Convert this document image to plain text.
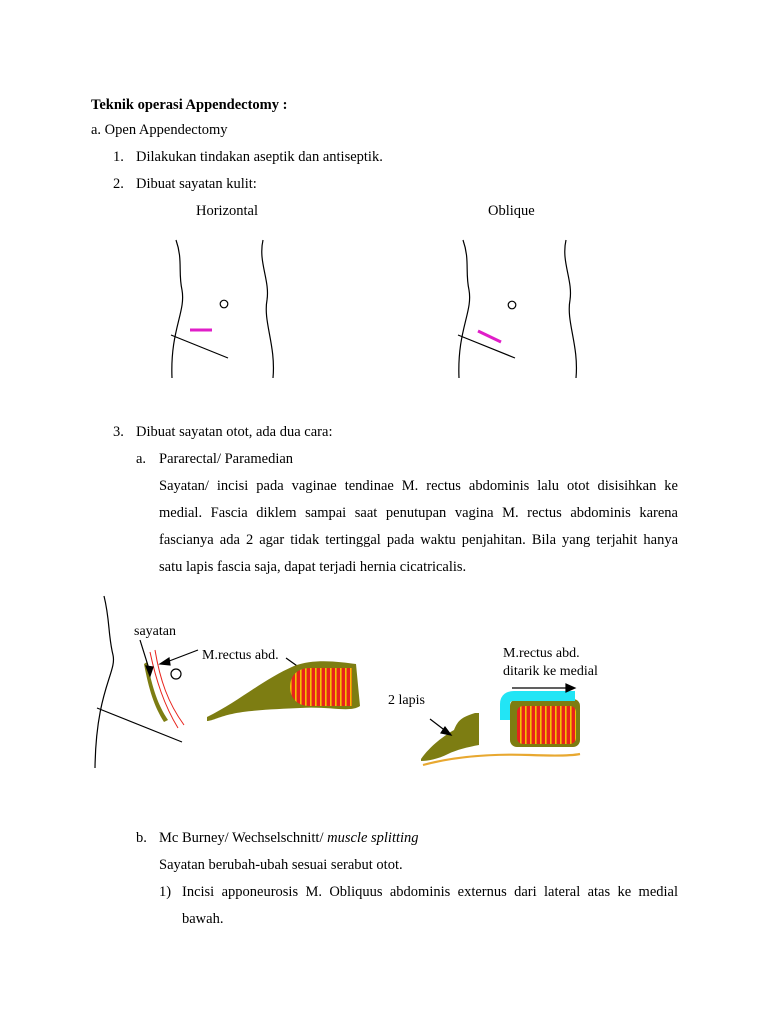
Teknik operasi Appendectomy :
a. Open Appendectomy
1. Dilakukan tindakan aseptik dan antiseptik.
2. Dibuat sayatan kulit:
Horizontal	Oblique
3. Dibuat sayatan otot, ada dua cara:
a. Pararectal/ Paramedian

Sayatan/ incisi pada vaginae tendinae M. rectus abdominis lalu otot disisihkan ke

medial. Fascia diklem sampai saat penutupan vagina M. rectus abdominis karena

fascianya ada 2 agar tidak tertinggal pada waktu penjahitan. Bila yang terjahit hanya

satu lapis fascia saja, dapat terjadi hernia cicatricalis.

sayatan
M.rectus abd.
2 lapis
M.rectus abd.
ditarik ke medial
b. Mc Burney/ Wechselschnitt/ muscle splitting
Sayatan berubah-ubah sesuai serabut otot.
1) Incisi apponeurosis M. Obliquus abdominis externus dari lateral atas ke medial

bawah.
